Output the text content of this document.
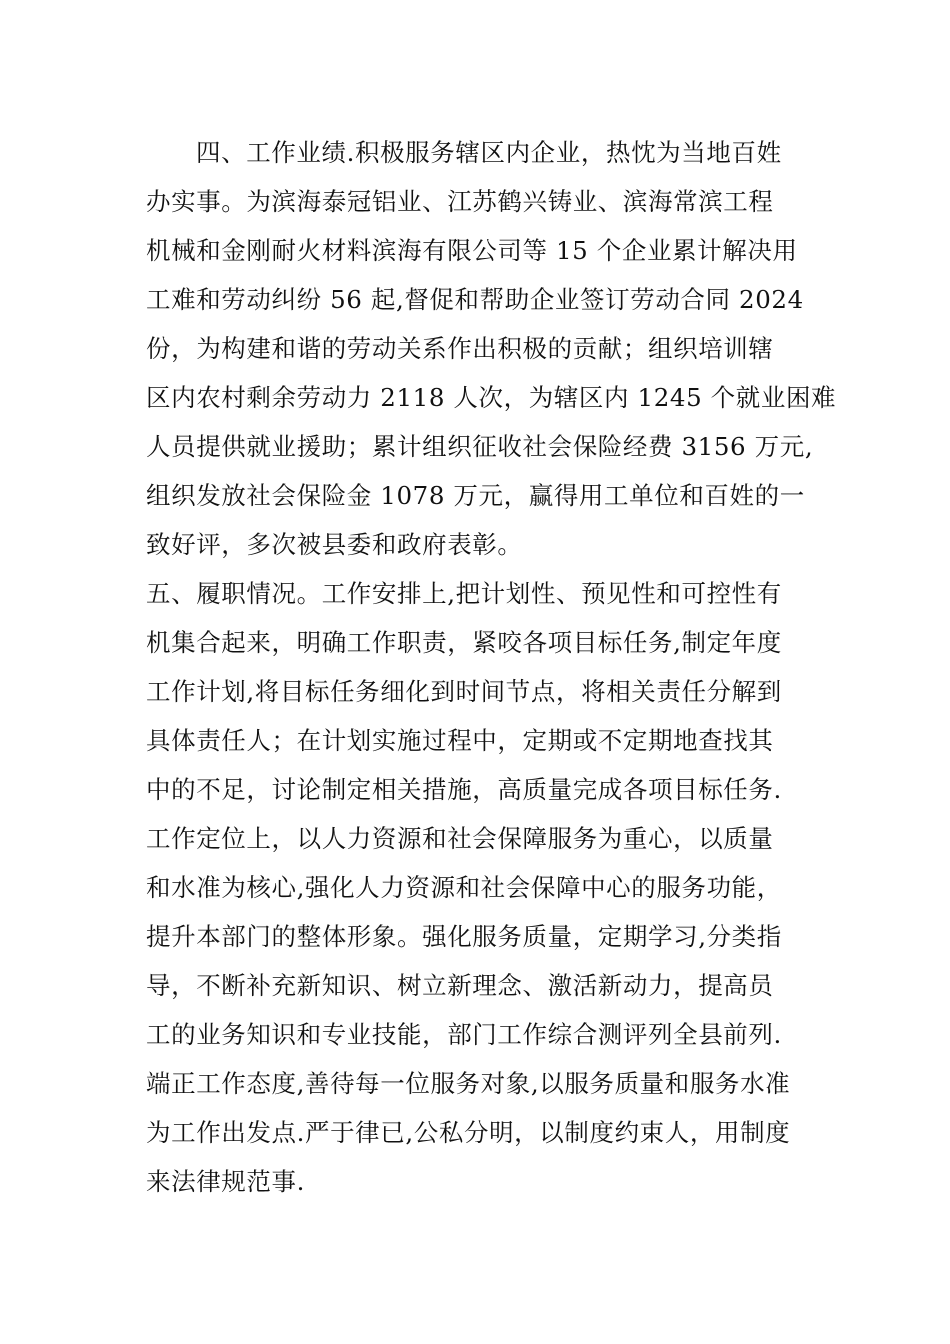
四、工作业绩.积极服务辖区内企业，热忱为当地百姓
办实事。为滨海泰冠铝业、江苏鹤兴铸业、滨海常滨工程
机械和金刚耐火材料滨海有限公司等 15 个企业累计解决用
工难和劳动纠纷 56 起,督促和帮助企业签订劳动合同 2024
份，为构建和谐的劳动关系作出积极的贡献；组织培训辖
区内农村剩余劳动力 2118 人次，为辖区内 1245 个就业困难
人员提供就业援助；累计组织征收社会保险经费 3156 万元,
组织发放社会保险金 1078 万元，赢得用工单位和百姓的一
致好评，多次被县委和政府表彰。
五、履职情况。工作安排上,把计划性、预见性和可控性有
机集合起来，明确工作职责，紧咬各项目标任务,制定年度
工作计划,将目标任务细化到时间节点，将相关责任分解到
具体责任人；在计划实施过程中，定期或不定期地查找其
中的不足，讨论制定相关措施，高质量完成各项目标任务.
工作定位上，以人力资源和社会保障服务为重心，以质量
和水准为核心,强化人力资源和社会保障中心的服务功能，
提升本部门的整体形象。强化服务质量，定期学习,分类指
导，不断补充新知识、树立新理念、激活新动力，提高员
工的业务知识和专业技能，部门工作综合测评列全县前列.
端正工作态度,善待每一位服务对象,以服务质量和服务水准
为工作出发点.严于律已,公私分明，以制度约束人，用制度
来法律规范事.
